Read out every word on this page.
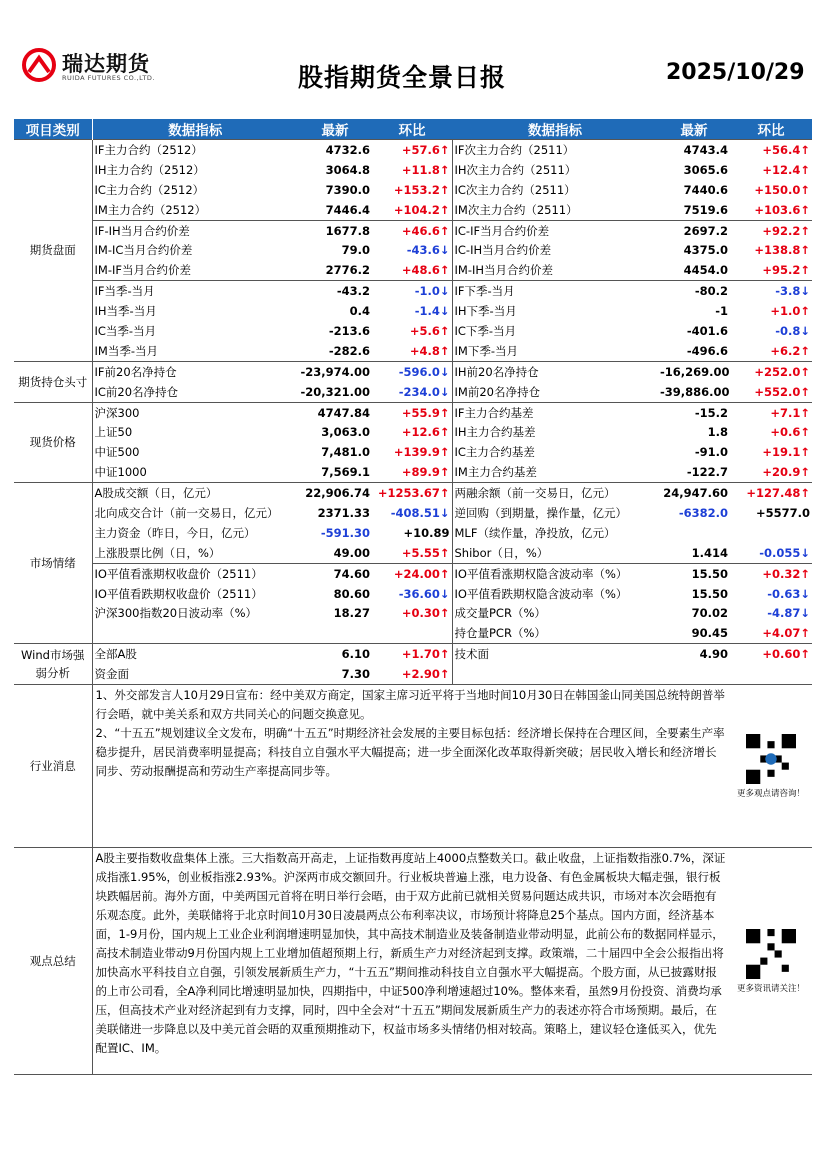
瑞达期货
RUIDA FUTURES CO.,LTD.	股指期货全景日报	2025/10/29
项目类别	数据指标	最新	环比	数据指标	最新	环比
期货盘面	IF主力合约（2512）	4732.6	+57.6↑	IF次主力合约（2511）	4743.4	+56.4↑
	IH主力合约（2512）	3064.8	+11.8↑	IH次主力合约（2511）	3065.6	+12.4↑
	IC主力合约（2512）	7390.0	+153.2↑	IC次主力合约（2511）	7440.6	+150.0↑
	IM主力合约（2512）	7446.4	+104.2↑	IM次主力合约（2511）	7519.6	+103.6↑
	IF-IH当月合约价差	1677.8	+46.6↑	IC-IF当月合约价差	2697.2	+92.2↑
	IM-IC当月合约价差	79.0	-43.6↓	IC-IH当月合约价差	4375.0	+138.8↑
	IM-IF当月合约价差	2776.2	+48.6↑	IM-IH当月合约价差	4454.0	+95.2↑
	IF当季-当月	-43.2	-1.0↓	IF下季-当月	-80.2	-3.8↓
	IH当季-当月	0.4	-1.4↓	IH下季-当月	-1	+1.0↑
	IC当季-当月	-213.6	+5.6↑	IC下季-当月	-401.6	-0.8↓
	IM当季-当月	-282.6	+4.8↑	IM下季-当月	-496.6	+6.2↑
期货持仓头寸	IF前20名净持仓	-23,974.00	-596.0↓	IH前20名净持仓	-16,269.00	+252.0↑
	IC前20名净持仓	-20,321.00	-234.0↓	IM前20名净持仓	-39,886.00	+552.0↑
现货价格	沪深300	4747.84	+55.9↑	IF主力合约基差	-15.2	+7.1↑
	上证50	3,063.0	+12.6↑	IH主力合约基差	1.8	+0.6↑
	中证500	7,481.0	+139.9↑	IC主力合约基差	-91.0	+19.1↑
	中证1000	7,569.1	+89.9↑	IM主力合约基差	-122.7	+20.9↑
市场情绪	A股成交额（日，亿元）	22,906.74	+1253.67↑	两融余额（前一交易日，亿元）	24,947.60	+127.48↑
	北向成交合计（前一交易日，亿元）	2371.33	-408.51↓	逆回购（到期量，操作量，亿元）	-6382.0	+5577.0
	主力资金（昨日，今日，亿元）	-591.30	+10.89	MLF（续作量，净投放，亿元）		
	上涨股票比例（日，%）	49.00	+5.55↑	Shibor（日，%）	1.414	-0.055↓
	IO平值看涨期权收盘价（2511）	74.60	+24.00↑	IO平值看涨期权隐含波动率（%）	15.50	+0.32↑
	IO平值看跌期权收盘价（2511）	80.60	-36.60↓	IO平值看跌期权隐含波动率（%）	15.50	-0.63↓
	沪深300指数20日波动率（%）	18.27	+0.30↑	成交量PCR（%）	70.02	-4.87↓
				持仓量PCR（%）	90.45	+4.07↑
Wind市场强弱分析	全部A股	6.10	+1.70↑	技术面	4.90	+0.60↑
	资金面	7.30	+2.90↑			
行业消息	1、外交部发言人10月29日宣布：经中美双方商定，国家主席习近平将于当地时间10月30日在韩国釜山同美国总统特朗普举行会晤，就中美关系和双方共同关心的问题交换意见。
2、“十五五”规划建议全文发布，明确“十五五”时期经济社会发展的主要目标包括：经济增长保持在合理区间，全要素生产率稳步提升，居民消费率明显提高；科技自立自强水平大幅提高；进一步全面深化改革取得新突破；居民收入增长和经济增长同步、劳动报酬提高和劳动生产率提高同步等。					更多观点请咨询！

观点总结	A股主要指数收盘集体上涨。三大指数高开高走，上证指数再度站上4000点整数关口。截止收盘，上证指数指涨0.7%，深证成指涨1.95%，创业板指涨2.93%。沪深两市成交额回升。行业板块普遍上涨，电力设备、有色金属板块大幅走强，银行板块跌幅居前。海外方面，中美两国元首将在明日举行会晤，由于双方此前已就相关贸易问题达成共识，市场对本次会晤抱有乐观态度。此外，美联储将于北京时间10月30日凌晨两点公布利率决议，市场预计将降息25个基点。国内方面，经济基本面，1-9月份，国内规上工业企业利润增速明显加快，其中高技术制造业及装备制造业带动明显，此前公布的数据同样显示，高技术制造业带动9月份国内规上工业增加值超预期上行，新质生产力对经济起到支撑。政策端，二十届四中全会公报指出将加快高水平科技自立自强，引领发展新质生产力，“十五五”期间推动科技自立自强水平大幅提高。个股方面，从已披露财报的上市公司看，全A净利同比增速明显加快，四期指中，中证500净利增速超过10%。整体来看，虽然9月份投资、消费均承压，但高技术产业对经济起到有力支撑，同时，四中全会对“十五五”期间发展新质生产力的表述亦符合市场预期。最后，在美联储进一步降息以及中美元首会晤的双重预期推动下，权益市场多头情绪仍相对较高。策略上，建议轻仓逢低买入，优先配置IC、IM。					更多资讯请关注！
